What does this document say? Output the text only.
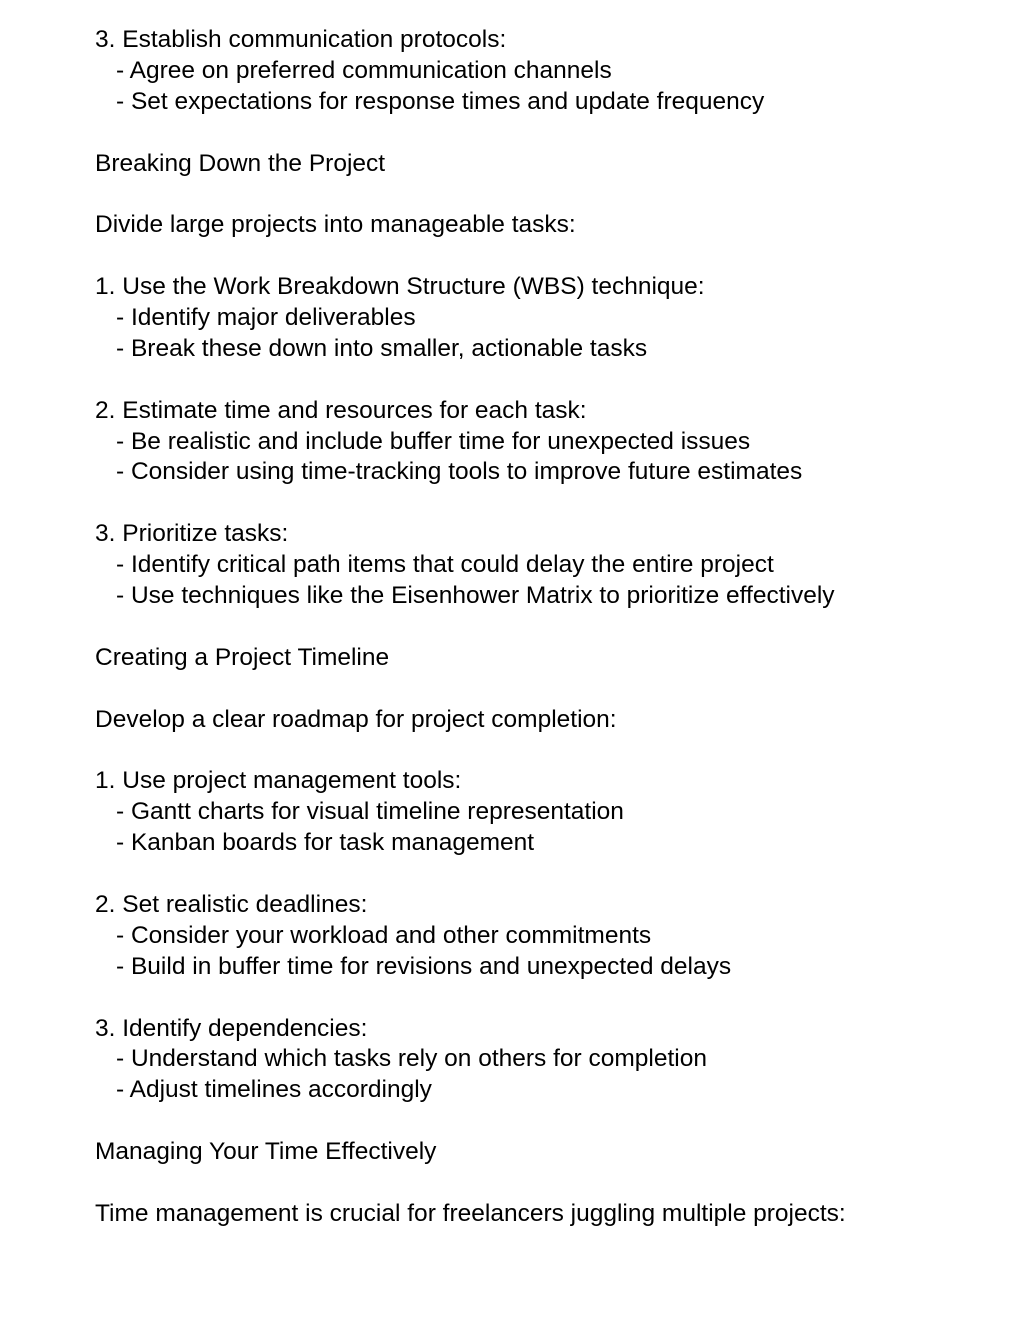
3. Establish communication protocols:
- Agree on preferred communication channels
- Set expectations for response times and update frequency
Breaking Down the Project
Divide large projects into manageable tasks:
1. Use the Work Breakdown Structure (WBS) technique:
- Identify major deliverables
- Break these down into smaller, actionable tasks
2. Estimate time and resources for each task:
- Be realistic and include buffer time for unexpected issues
- Consider using time-tracking tools to improve future estimates
3. Prioritize tasks:
- Identify critical path items that could delay the entire project
- Use techniques like the Eisenhower Matrix to prioritize effectively
Creating a Project Timeline
Develop a clear roadmap for project completion:
1. Use project management tools:
- Gantt charts for visual timeline representation
- Kanban boards for task management
2. Set realistic deadlines:
- Consider your workload and other commitments
- Build in buffer time for revisions and unexpected delays
3. Identify dependencies:
- Understand which tasks rely on others for completion
- Adjust timelines accordingly
Managing Your Time Effectively
Time management is crucial for freelancers juggling multiple projects:
